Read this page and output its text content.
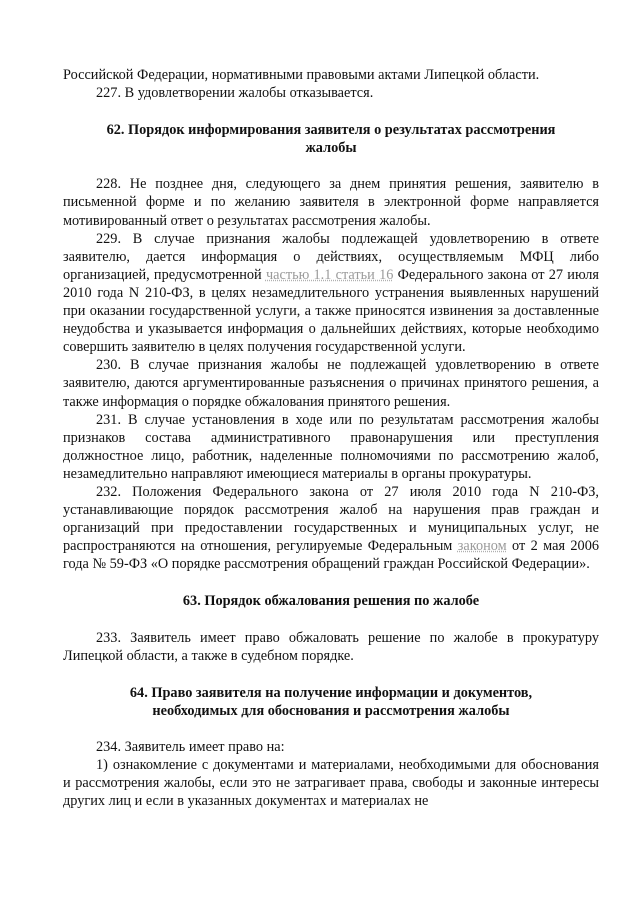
Российской Федерации, нормативными правовыми актами Липецкой области.

227. В удовлетворении жалобы отказывается.

62. Порядок информирования заявителя о результатах рассмотрения
жалобы

228. Не позднее дня, следующего за днем принятия решения, заявителю в письменной форме и по желанию заявителя в электронной форме направляется мотивированный ответ о результатах рассмотрения жалобы.

229. В случае признания жалобы подлежащей удовлетворению в ответе заявителю, дается информация о действиях, осуществляемым МФЦ либо организацией, предусмотренной частью 1.1 статьи 16 Федерального закона от 27 июля 2010 года N 210-ФЗ, в целях незамедлительного устранения выявленных нарушений при оказании государственной услуги, а также приносятся извинения за доставленные неудобства и указывается информация о дальнейших действиях, которые необходимо совершить заявителю в целях получения государственной услуги.

230. В случае признания жалобы не подлежащей удовлетворению в ответе заявителю, даются аргументированные разъяснения о причинах принятого решения, а также информация о порядке обжалования принятого решения.

231. В случае установления в ходе или по результатам рассмотрения жалобы признаков состава административного правонарушения или преступления должностное лицо, работник, наделенные полномочиями по рассмотрению жалоб, незамедлительно направляют имеющиеся материалы в органы прокуратуры.

232. Положения Федерального закона от 27 июля 2010 года N 210-ФЗ, устанавливающие порядок рассмотрения жалоб на нарушения прав граждан и организаций при предоставлении государственных и муниципальных услуг, не распространяются на отношения, регулируемые Федеральным законом от 2 мая 2006 года № 59-ФЗ «О порядке рассмотрения обращений граждан Российской Федерации».

63. Порядок обжалования решения по жалобе

233. Заявитель имеет право обжаловать решение по жалобе в прокуратуру Липецкой области, а также в судебном порядке.

64. Право заявителя на получение информации и документов,
необходимых для обоснования и рассмотрения жалобы

234. Заявитель имеет право на:

1) ознакомление с документами и материалами, необходимыми для обоснования и рассмотрения жалобы, если это не затрагивает права, свободы и законные интересы других лиц и если в указанных документах и материалах не
